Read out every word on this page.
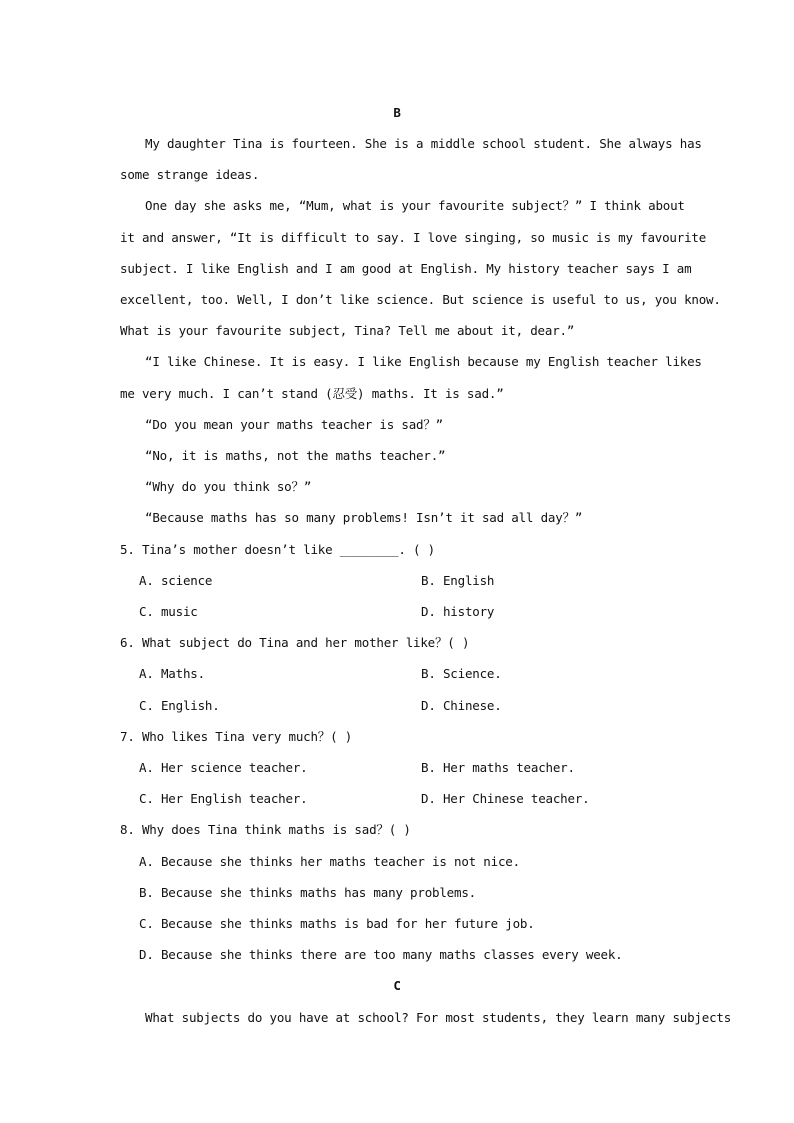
B
My daughter Tina is fourteen. She is a middle school student. She always has
some strange ideas.
One day she asks me, “Mum, what is your favourite subject？” I think about
it and answer, “It is difficult to say. I love singing, so music is my favourite
subject. I like English and I am good at English. My history teacher says I am
excellent, too. Well, I don’t like science. But science is useful to us, you know.
What is your favourite subject, Tina? Tell me about it, dear.”
“I like Chinese. It is easy. I like English because my English teacher likes
me very much. I can’t stand (忍受) maths. It is sad.”
“Do you mean your maths teacher is sad？”
“No, it is maths, not the maths teacher.”
“Why do you think so？”
“Because maths has so many problems! Isn’t it sad all day？”
5. Tina’s mother doesn’t like ________. ( )
A. science	B. English
C. music	D. history
6. What subject do Tina and her mother like？( )
A. Maths.	B. Science.
C. English.	D. Chinese.
7. Who likes Tina very much？( )
A. Her science teacher.	B. Her maths teacher.
C. Her English teacher.	D. Her Chinese teacher.
8. Why does Tina think maths is sad？( )
A. Because she thinks her maths teacher is not nice.
B. Because she thinks maths has many problems.
C. Because she thinks maths is bad for her future job.
D. Because she thinks there are too many maths classes every week.
C
What subjects do you have at school? For most students, they learn many subjects
